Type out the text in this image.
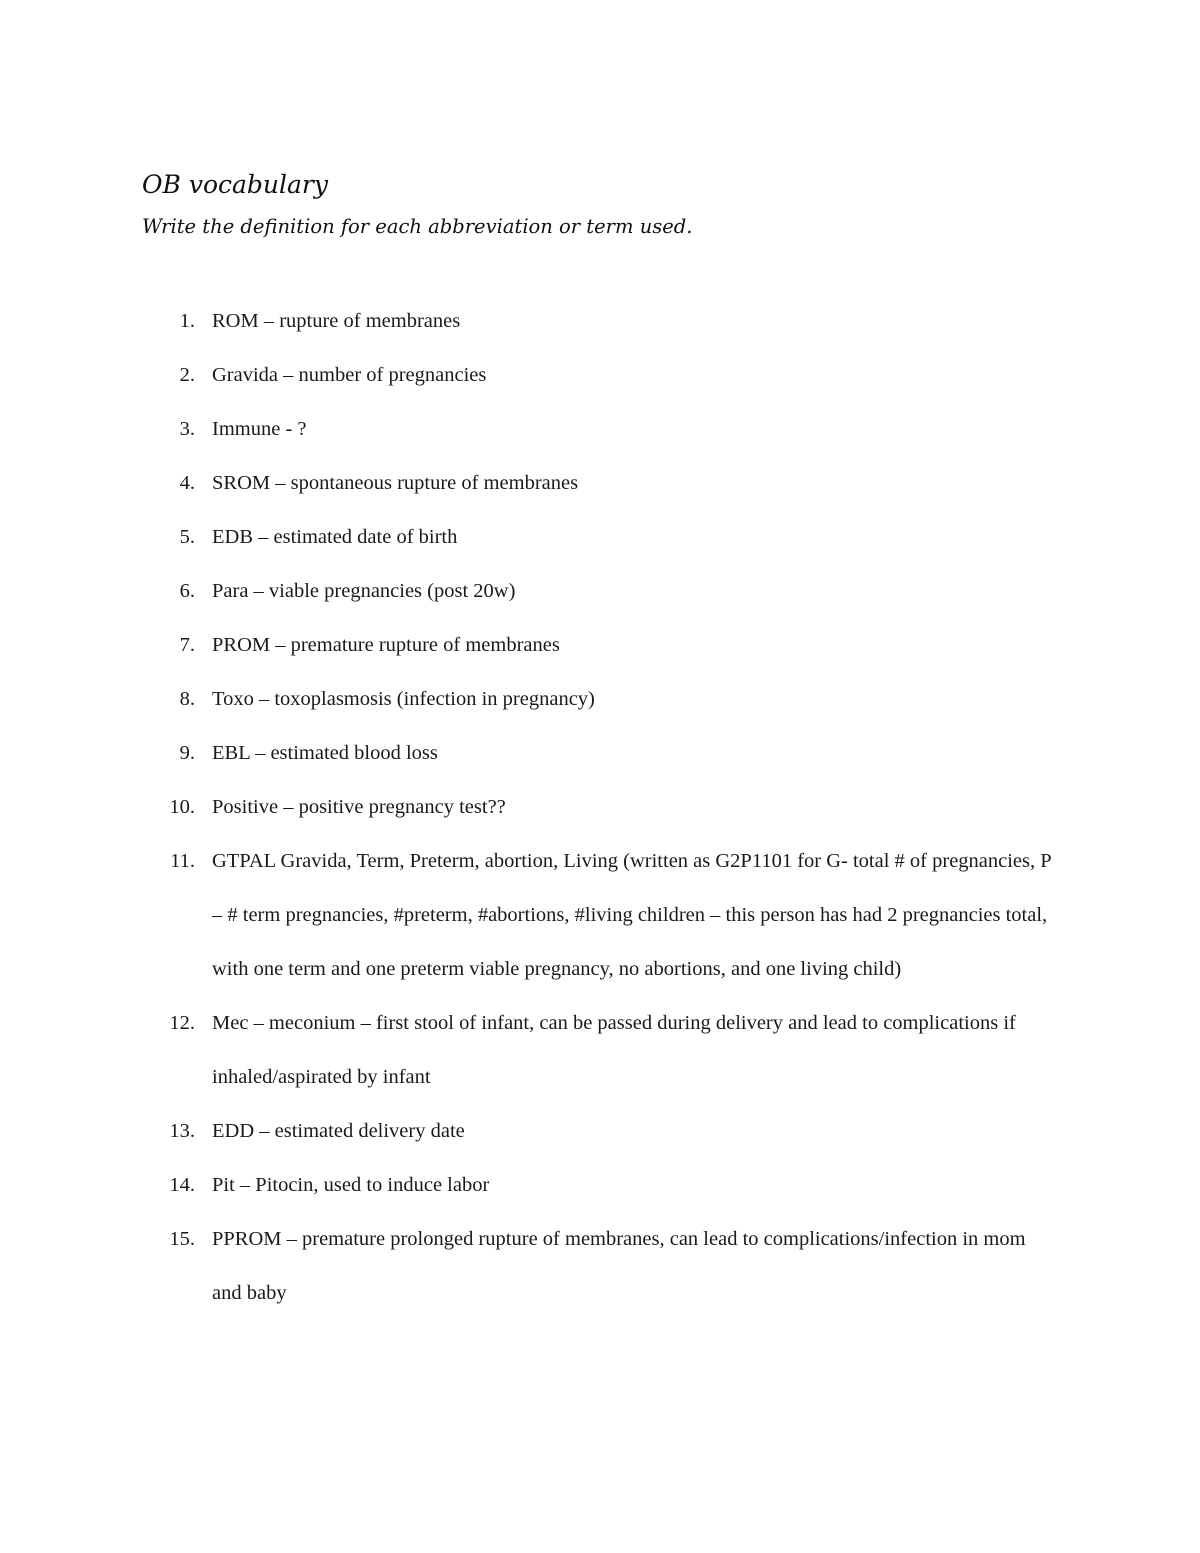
OB vocabulary

Write the definition for each abbreviation or term used.

1. ROM – rupture of membranes
2. Gravida – number of pregnancies
3. Immune - ?
4. SROM – spontaneous rupture of membranes
5. EDB – estimated date of birth
6. Para – viable pregnancies (post 20w)
7. PROM – premature rupture of membranes
8. Toxo – toxoplasmosis (infection in pregnancy)
9. EBL – estimated blood loss
10. Positive – positive pregnancy test??
11. GTPAL Gravida, Term, Preterm, abortion, Living (written as G2P1101 for G- total # of pregnancies, P – # term pregnancies, #preterm, #abortions, #living children – this person has had 2 pregnancies total, with one term and one preterm viable pregnancy, no abortions, and one living child)
12. Mec – meconium – first stool of infant, can be passed during delivery and lead to complications if inhaled/aspirated by infant
13. EDD – estimated delivery date
14. Pit – Pitocin, used to induce labor
15. PPROM – premature prolonged rupture of membranes, can lead to complications/infection in mom and baby
